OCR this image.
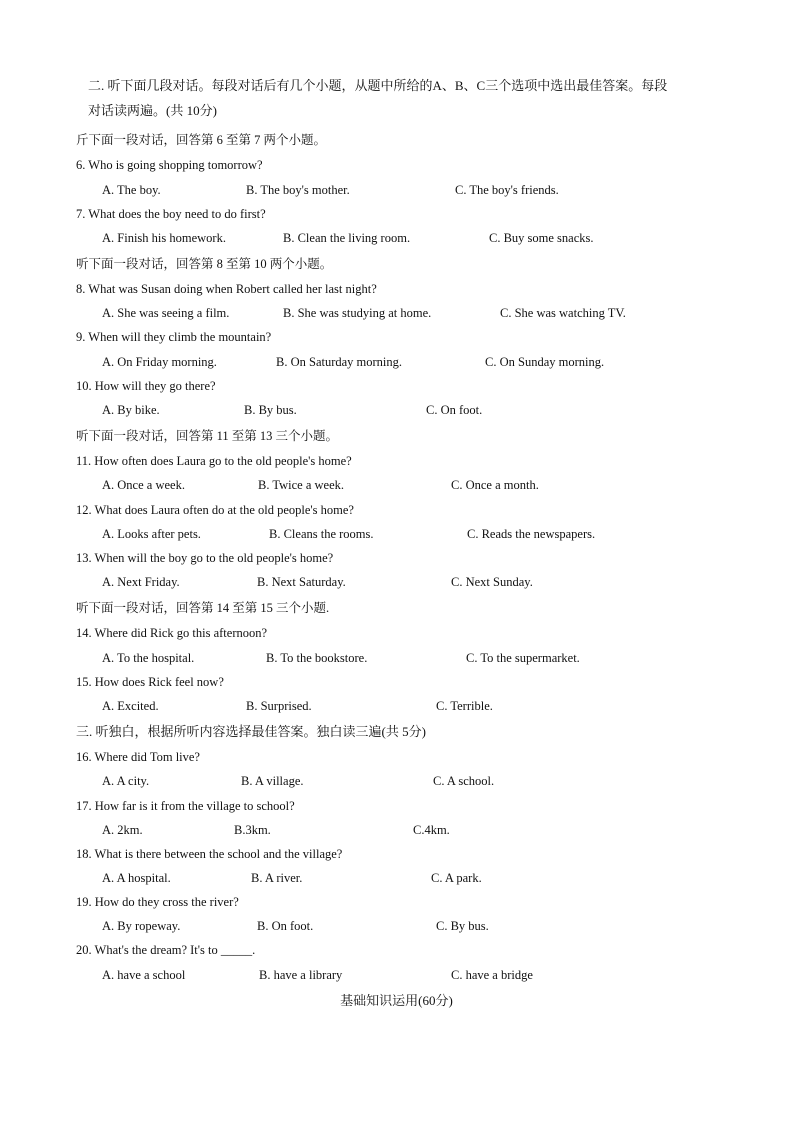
二. 听下面几段对话。每段对话后有几个小题，从题中所给的A、B、C三个选项中选出最佳答案。每段
对话读两遍。(共 10分)
斤下面一段对话，回答第 6 至第 7 两个小题。
6. Who is going shopping tomorrow?
A. The boy.	B. The boy's mother.	C. The boy's friends.
7. What does the boy need to do first?
A. Finish his homework.	B. Clean the living room.	C. Buy some snacks.
听下面一段对话，回答第 8 至第 10 两个小题。
8. What was Susan doing when Robert called her last night?
A. She was seeing a film.	B. She was studying at home.	C. She was watching TV.
9. When will they climb the mountain?
A. On Friday morning.	B. On Saturday morning.	C. On Sunday morning.
10. How will they go there?
A. By bike.	B. By bus.	C. On foot.
听下面一段对话，回答第 11 至第 13 三个小题。
11. How often does Laura go to the old people's home?
A. Once a week.	B. Twice a week.	C. Once a month.
12. What does Laura often do at the old people's home?
A. Looks after pets.	B. Cleans the rooms.	C. Reads the newspapers.
13. When will the boy go to the old people's home?
A. Next Friday.	B. Next Saturday.	C. Next Sunday.
听下面一段对话，回答第 14 至第 15 三个小题.
14. Where did Rick go this afternoon?
A. To the hospital.	B. To the bookstore.	C. To the supermarket.
15. How does Rick feel now?
A. Excited.	B. Surprised.	C. Terrible.
三. 听独白，根据所听内容选择最佳答案。独白读三遍(共 5分)
16. Where did Tom live?
A. A city.	B. A village.	C. A school.
17. How far is it from the village to school?
A. 2km.	B.3km.	C.4km.
18. What is there between the school and the village?
A. A hospital.	B. A river.	C. A park.
19. How do they cross the river?
A. By ropeway.	B. On foot.	C. By bus.
20. What's the dream? It's to _____.
A. have a school	B. have a library	C. have a bridge
基础知识运用(60分)
